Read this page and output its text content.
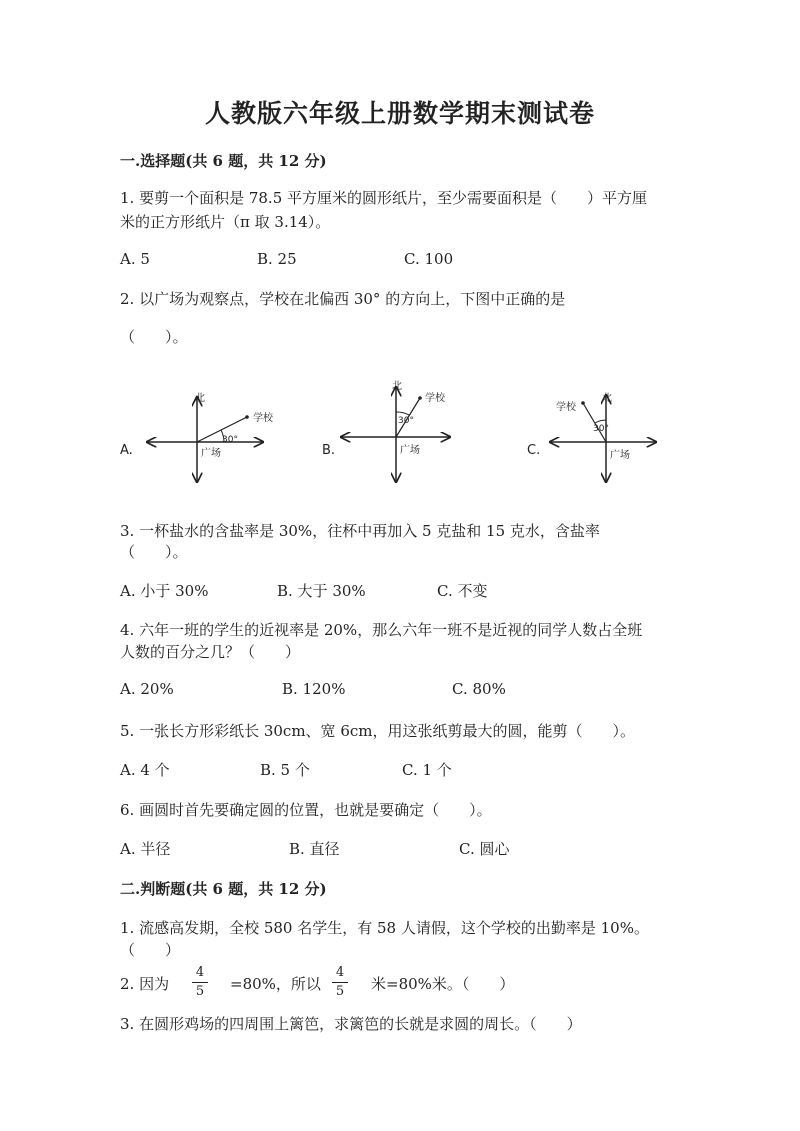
人教版六年级上册数学期末测试卷
一.选择题(共 6 题，共 12 分)
1. 要剪一个面积是 78.5 平方厘米的圆形纸片，至少需要面积是（　　）平方厘
米的正方形纸片（π 取 3.14）。
A. 5	B. 25	C. 100
2. 以广场为观察点，学校在北偏西 30° 的方向上，下图中正确的是
（　　）。
北
学校
30°
广场
A.
北
学校
30°
广场
B.
北
学校
30°
广场
C.
3. 一杯盐水的含盐率是 30%，往杯中再加入 5 克盐和 15 克水，含盐率
（　　）。
A. 小于 30%	B. 大于 30%	C. 不变
4. 六年一班的学生的近视率是 20%，那么六年一班不是近视的同学人数占全班
人数的百分之几？（　　）
A. 20%	B. 120%	C. 80%
5. 一张长方形彩纸长 30cm、宽 6cm，用这张纸剪最大的圆，能剪（　　）。
A. 4 个	B. 5 个	C. 1 个
6. 画圆时首先要确定圆的位置，也就是要确定（　　）。
A. 半径	B. 直径	C. 圆心
二.判断题(共 6 题，共 12 分)
1. 流感高发期，全校 580 名学生，有 58 人请假，这个学校的出勤率是 10%。
（　　）
2. 因为
4
5 =80%，所以
4
5 米=80%米。（　　）
3. 在圆形鸡场的四周围上篱笆，求篱笆的长就是求圆的周长。（　　）
